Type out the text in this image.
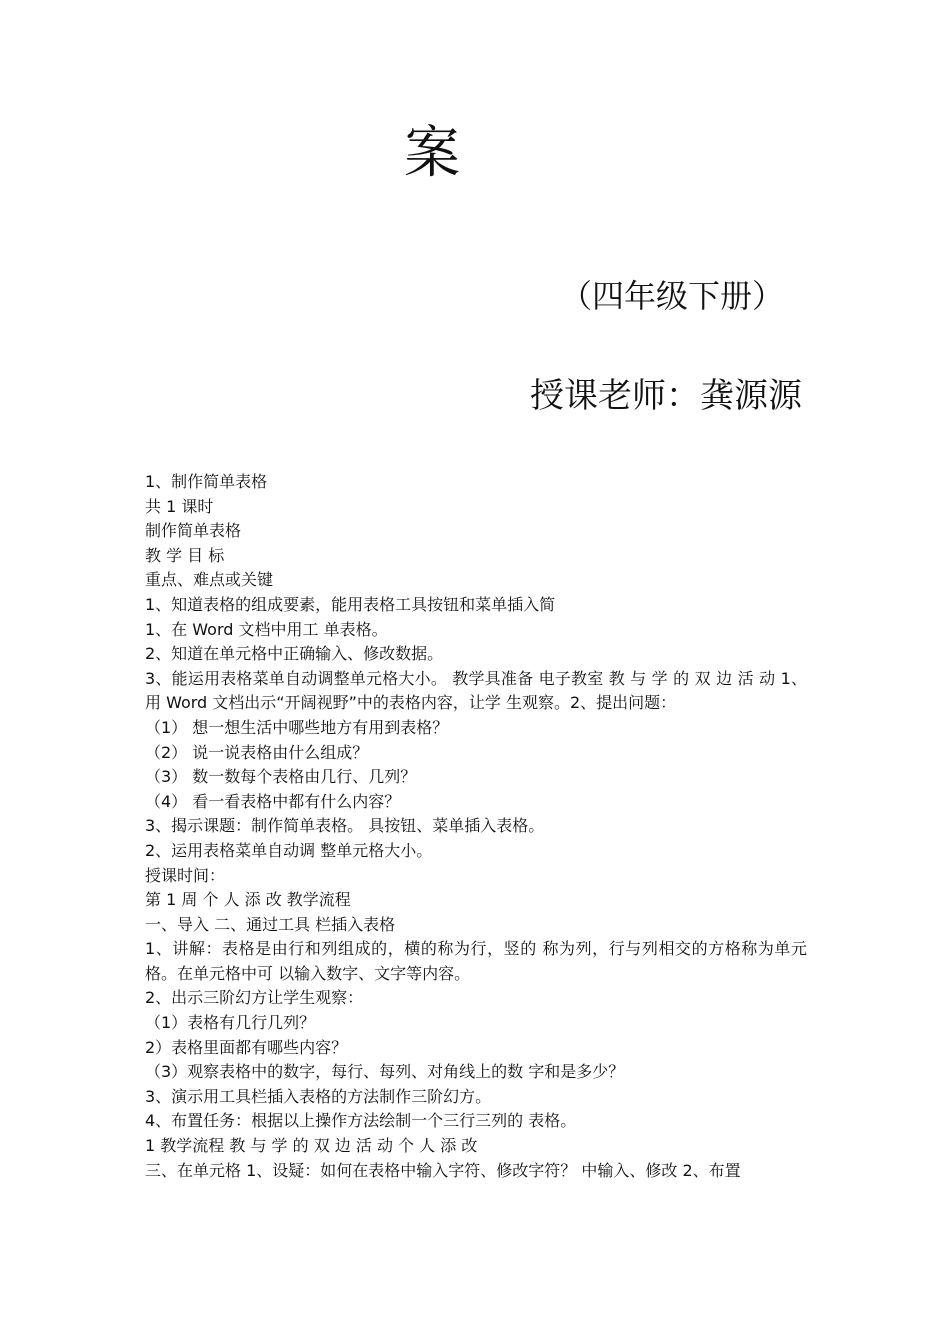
案
（四年级下册）
授课老师：龚源源

1、制作简单表格

共 1 课时

制作简单表格

教 学 目 标

重点、难点或关键

1、知道表格的组成要素，能用表格工具按钮和菜单插入简

1、在 Word 文档中用工 单表格。

2、知道在单元格中正确输入、修改数据。

3、能运用表格菜单自动调整单元格大小。 教学具准备 电子教室 教 与 学 的 双 边 活 动 1、用 Word 文档出示“开阔视野”中的表格内容，让学 生观察。2、提出问题：

（1） 想一想生活中哪些地方有用到表格？

（2） 说一说表格由什么组成？

（3） 数一数每个表格由几行、几列？

（4） 看一看表格中都有什么内容？

3、揭示课题：制作简单表格。 具按钮、菜单插入表格。

2、运用表格菜单自动调 整单元格大小。

授课时间：

第 1 周 个 人 添 改 教学流程

一、导入 二、通过工具 栏插入表格

1、讲解：表格是由行和列组成的，横的称为行，竖的 称为列，行与列相交的方格称为单元格。在单元格中可 以输入数字、文字等内容。

2、出示三阶幻方让学生观察：

（1）表格有几行几列？

2）表格里面都有哪些内容？

（3）观察表格中的数字，每行、每列、对角线上的数 字和是多少？

3、演示用工具栏插入表格的方法制作三阶幻方。

4、布置任务：根据以上操作方法绘制一个三行三列的 表格。

1 教学流程 教 与 学 的 双 边 活 动 个 人 添 改

三、在单元格 1、设疑：如何在表格中输入字符、修改字符？ 中输入、修改 2、布置
